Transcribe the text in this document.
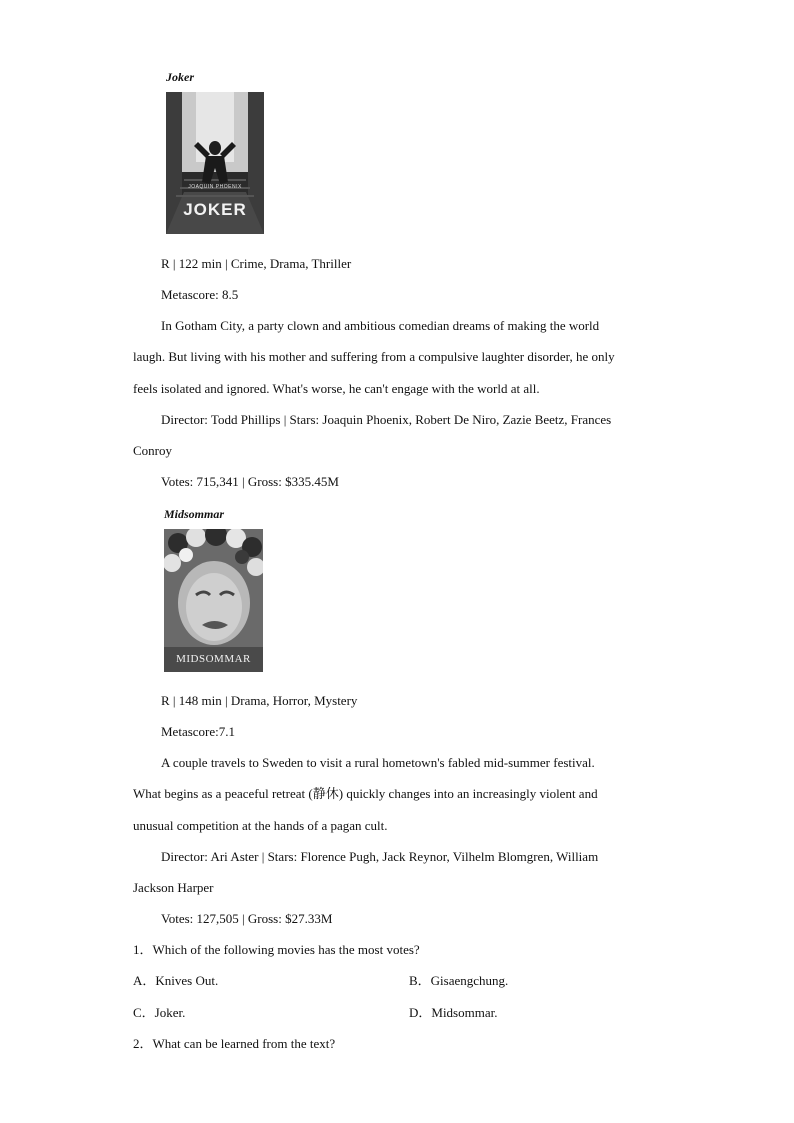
Joker
JOAQUIN PHOENIX
JOKER
R | 122 min | Crime, Drama, Thriller
Metascore: 8.5
In Gotham City, a party clown and ambitious comedian dreams of making the world
laugh. But living with his mother and suffering from a compulsive laughter disorder, he only
feels isolated and ignored. What's worse, he can't engage with the world at all.
Director: Todd Phillips | Stars: Joaquin Phoenix, Robert De Niro, Zazie Beetz, Frances
Conroy
Votes: 715,341 | Gross: $335.45M
Midsommar
MIDSOMMAR
R | 148 min | Drama, Horror, Mystery
Metascore:7.1
A couple travels to Sweden to visit a rural hometown's fabled mid-summer festival.
What begins as a peaceful retreat (静休) quickly changes into an increasingly violent and
unusual competition at the hands of a pagan cult.
Director: Ari Aster | Stars: Florence Pugh, Jack Reynor, Vilhelm Blomgren, William
Jackson Harper
Votes: 127,505 | Gross: $27.33M
1．Which of the following movies has the most votes?
A．Knives Out.	B．Gisaengchung.
C．Joker.	D．Midsommar.
2．What can be learned from the text?
